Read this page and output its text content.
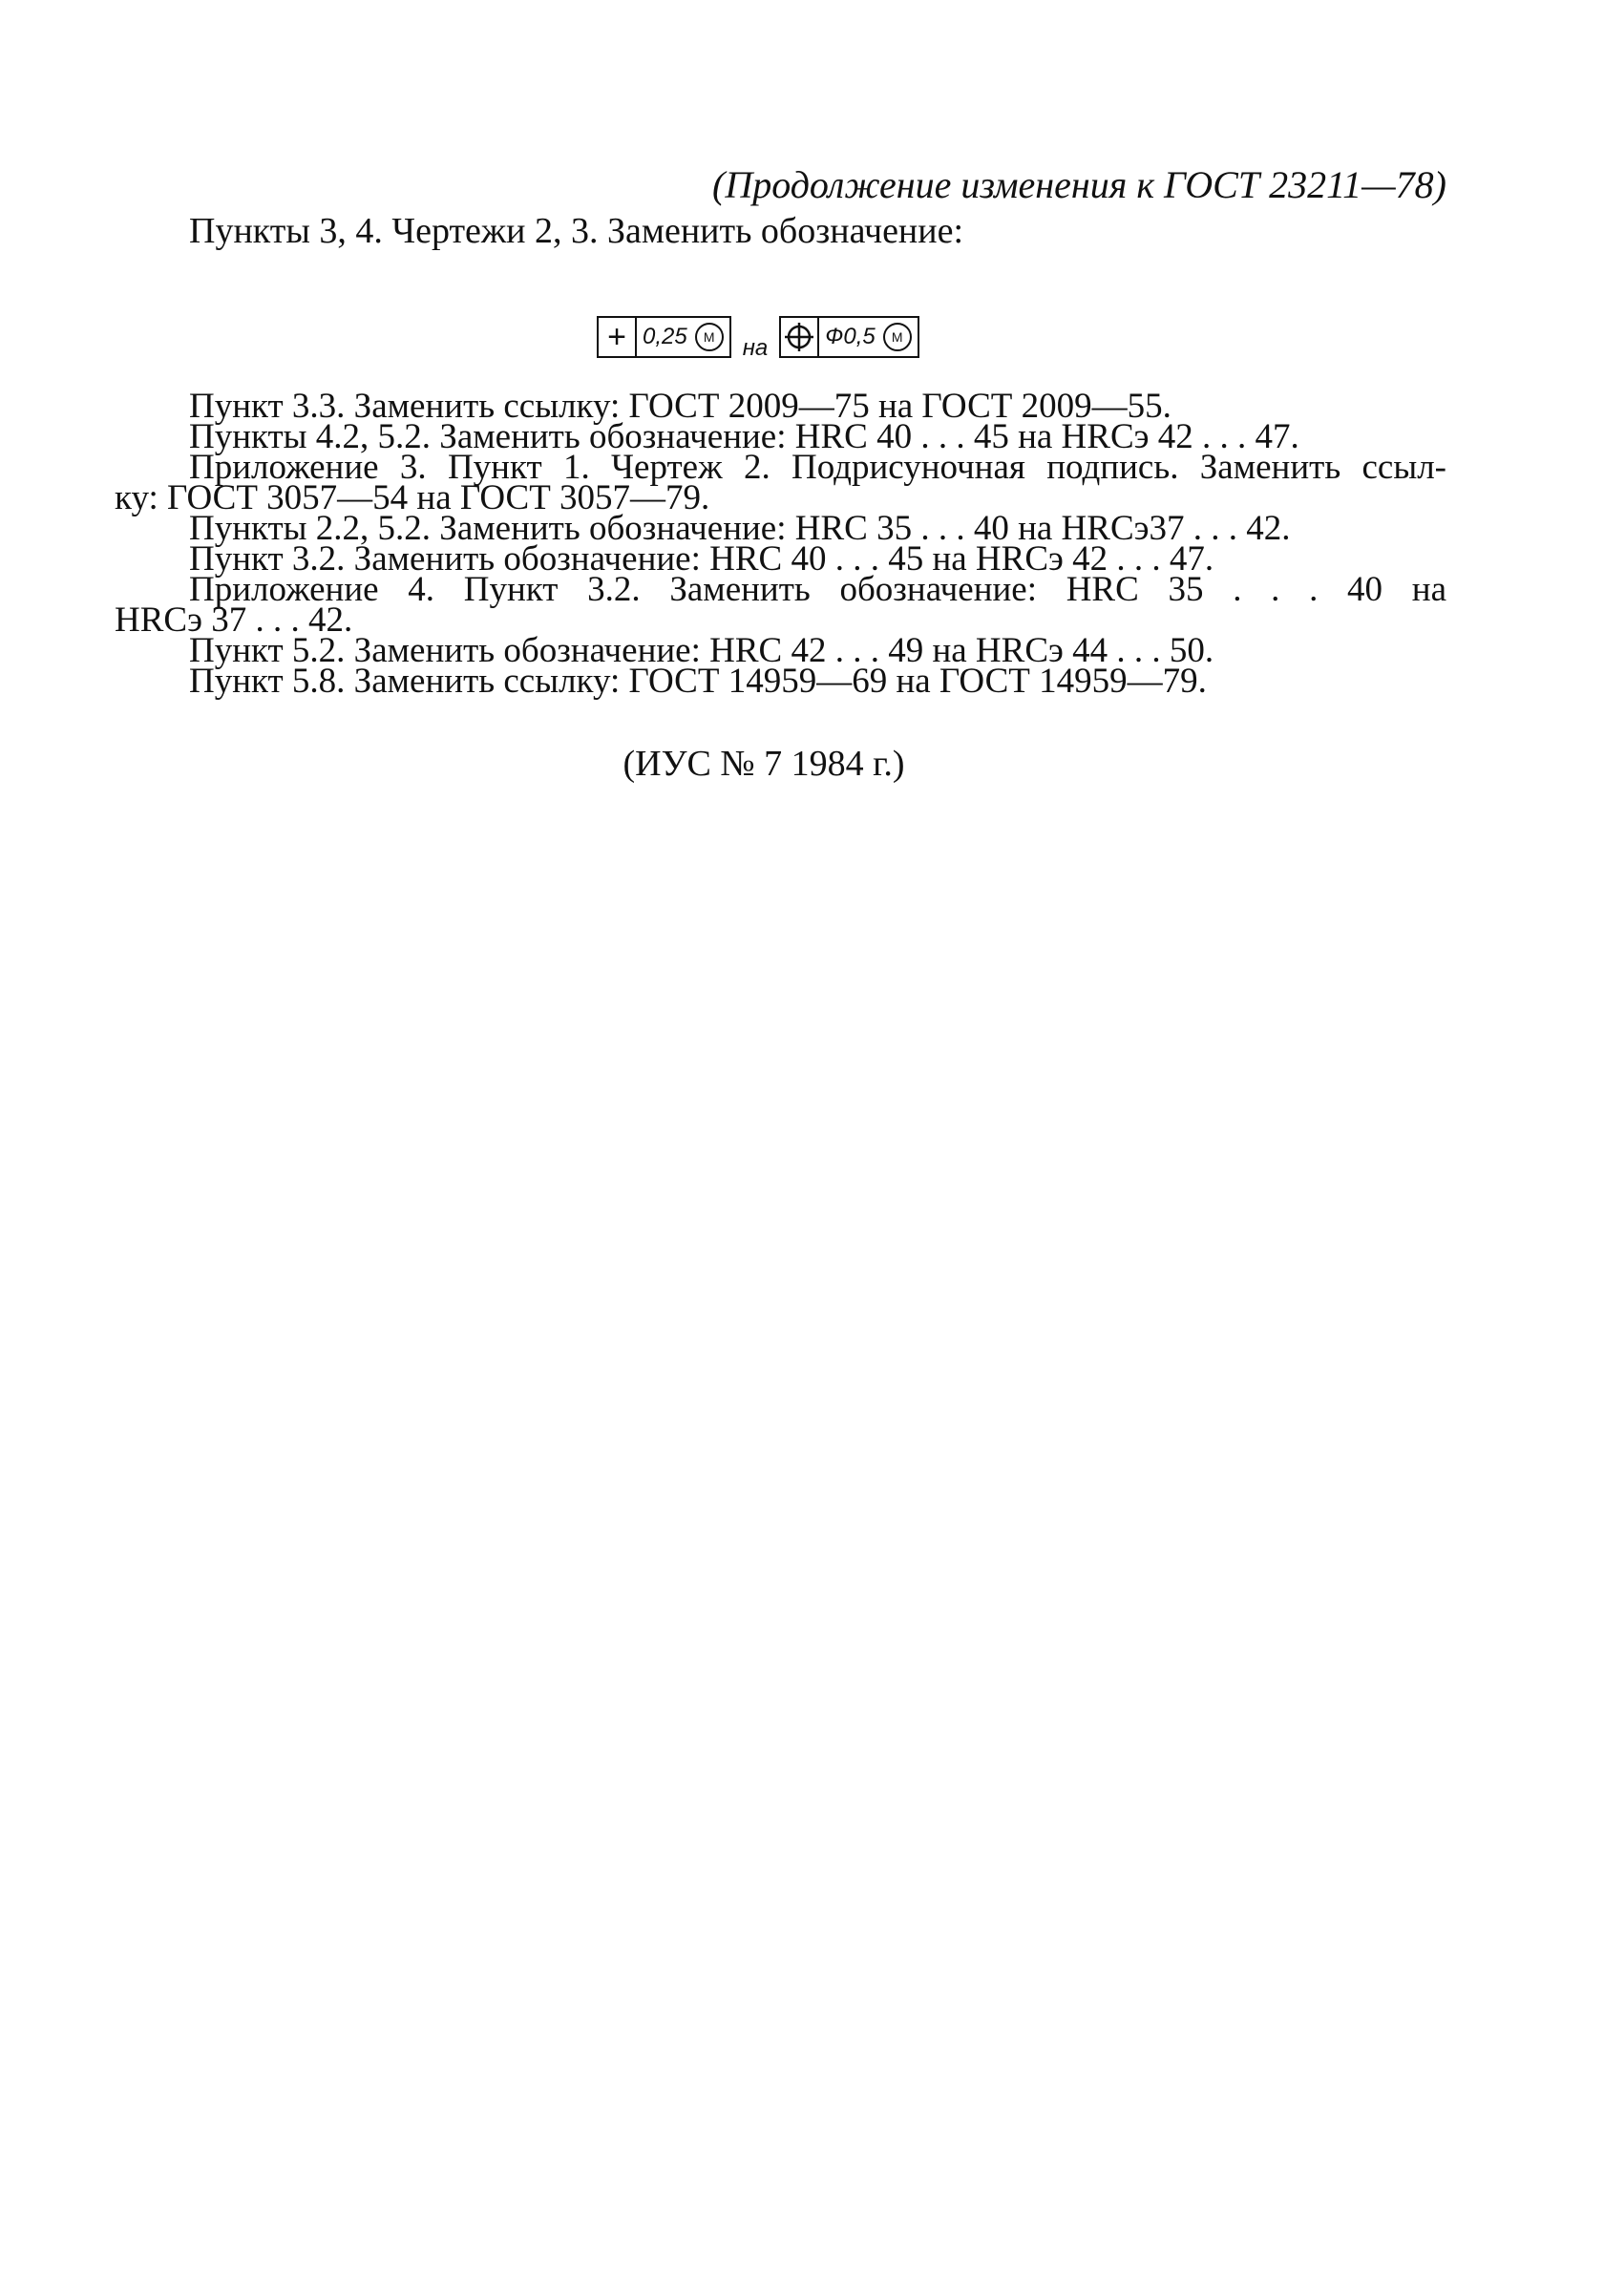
(Продолжение изменения к ГОСТ 23211—78)
Пункты 3, 4. Чертежи 2, 3. Заменить обозначение:
+ 0,25	M	на	Ф0,5	M
Пункт 3.3. Заменить ссылку: ГОСТ 2009—75 на ГОСТ 2009—55.
Пункты 4.2, 5.2. Заменить обозначение: HRC 40 . . . 45 на HRCэ 42 . . . 47.
Приложение 3. Пункт 1. Чертеж 2. Подрисуночная подпись. Заменить ссыл-
ку: ГОСТ 3057—54 на ГОСТ 3057—79.
Пункты 2.2, 5.2. Заменить обозначение: HRC 35 . . . 40 на HRCэ37 . . . 42.
Пункт 3.2. Заменить обозначение: HRC 40 . . . 45 на HRCэ 42 . . . 47.
Приложение 4. Пункт 3.2. Заменить обозначение: HRC 35 . . . 40 на
HRCэ 37 . . . 42.
Пункт 5.2. Заменить обозначение: HRC 42 . . . 49 на HRCэ 44 . . . 50.
Пункт 5.8. Заменить ссылку: ГОСТ 14959—69 на ГОСТ 14959—79.
(ИУС № 7 1984 г.)
